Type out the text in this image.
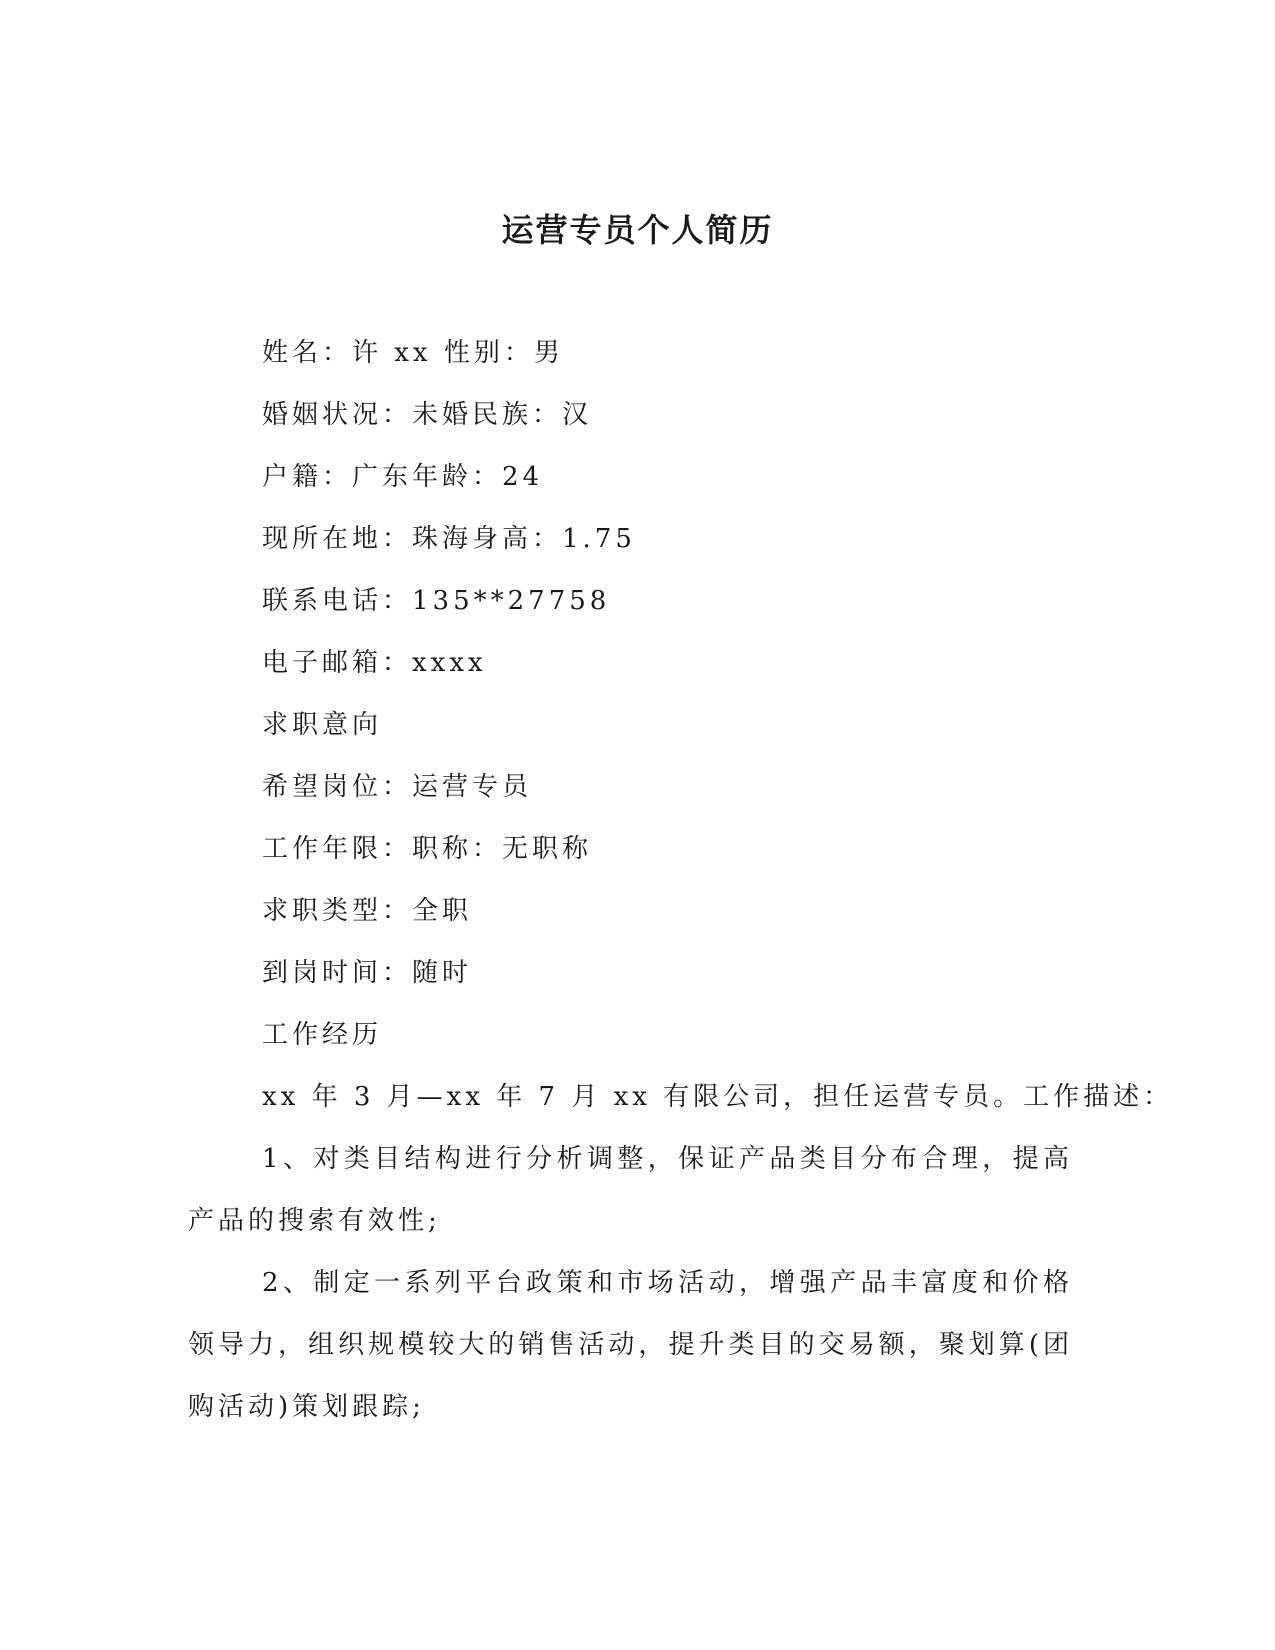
运营专员个人简历

姓名：许 xx 性别：男

婚姻状况：未婚民族：汉

户籍：广东年龄：24

现所在地：珠海身高：1.75

联系电话：135**27758

电子邮箱：xxxx

求职意向

希望岗位：运营专员

工作年限：职称：无职称

求职类型：全职

到岗时间：随时

工作经历

xx 年 3 月—xx 年 7 月 xx 有限公司，担任运营专员。工作描述：

1、对类目结构进行分析调整，保证产品类目分布合理，提高产品的搜索有效性;

2、制定一系列平台政策和市场活动，增强产品丰富度和价格领导力，组织规模较大的销售活动，提升类目的交易额，聚划算(团购活动)策划跟踪;
